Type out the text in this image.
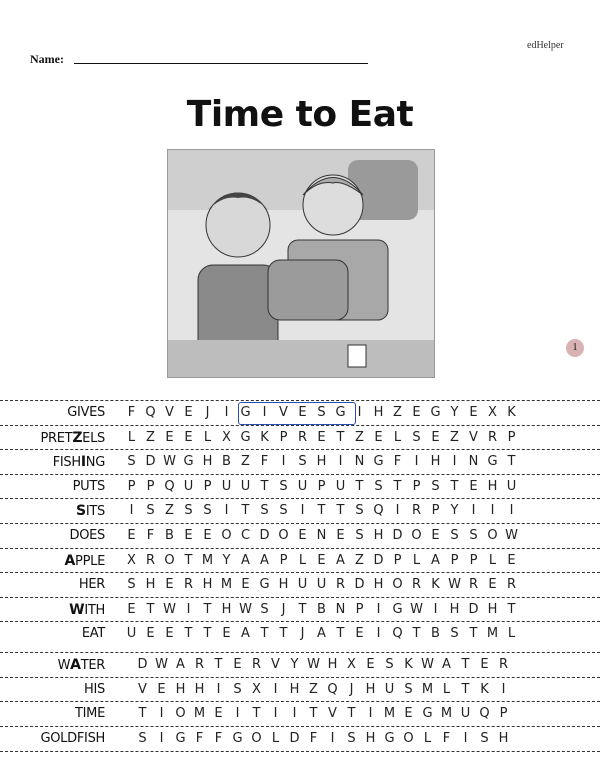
edHelper
Name:
Time to Eat
1
GIVES	F Q V E J I G I V E S G I H Z E G Y E X K
PRETZELS	L Z E E L X G K P R E T Z E L S E Z V R P
FISHING	S D W G H B Z F I S H I N G F I H I N G T
PUTS	P P Q U P U U T S U P U T S T P S T E H U
SITS	I S Z S S I T S S I T T S Q I R P Y I I I
DOES	E F B E E O C D O E N E S H D O E S S O W
APPLE	X R O T M Y A A P L E A Z D P L A P P L E
HER	S H E R H M E G H U U R D H O R K W R E R
WITH	E T W I T H W S J T B N P I G W I H D H T
EAT	U E E T T E A T T J A T E I Q T B S T M L
WATER	D W A R T E R V Y W H X E S K W A T E R
HIS	V E H H I S X I H Z Q J H U S M L T K I
TIME	T I O M E I T I I T V T I M E G M U Q P
GOLDFISH	S I G F F G O L D F I S H G O L F I S H
